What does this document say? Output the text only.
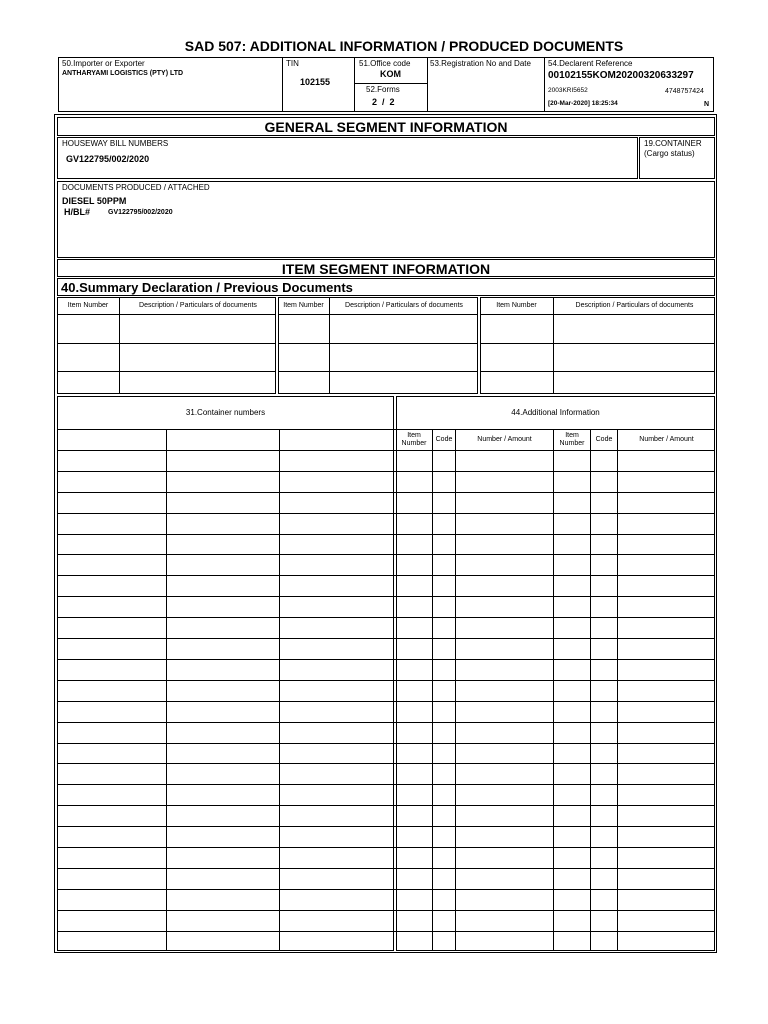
SAD 507: ADDITIONAL INFORMATION / PRODUCED DOCUMENTS
50.Importer or Exporter
ANTHARYAMI LOGISTICS (PTY) LTD
TIN
102155
51.Office code
KOM
52.Forms
2  /  2
53.Registration No and Date 54.Declarent Reference
00102155KOM20200320633297
2003KRI5652	4748757424
[20-Mar-2020] 18:25:34	N
GENERAL SEGMENT INFORMATION
HOUSEWAY BILL NUMBERS
GV122795/002/2020
19.CONTAINER
(Cargo status)
DOCUMENTS PRODUCED / ATTACHED
DIESEL 50PPM
H/BL#	GV122795/002/2020
ITEM SEGMENT INFORMATION
40.Summary Declaration / Previous Documents
Item Number	Description / Particulars of documents	Item Number	Description / Particulars of documents	Item Number	Description / Particulars of documents
31.Container numbers	44.Additional Information
Item
Number
Code	Number / Amount
Item
Number
Code	Number / Amount
